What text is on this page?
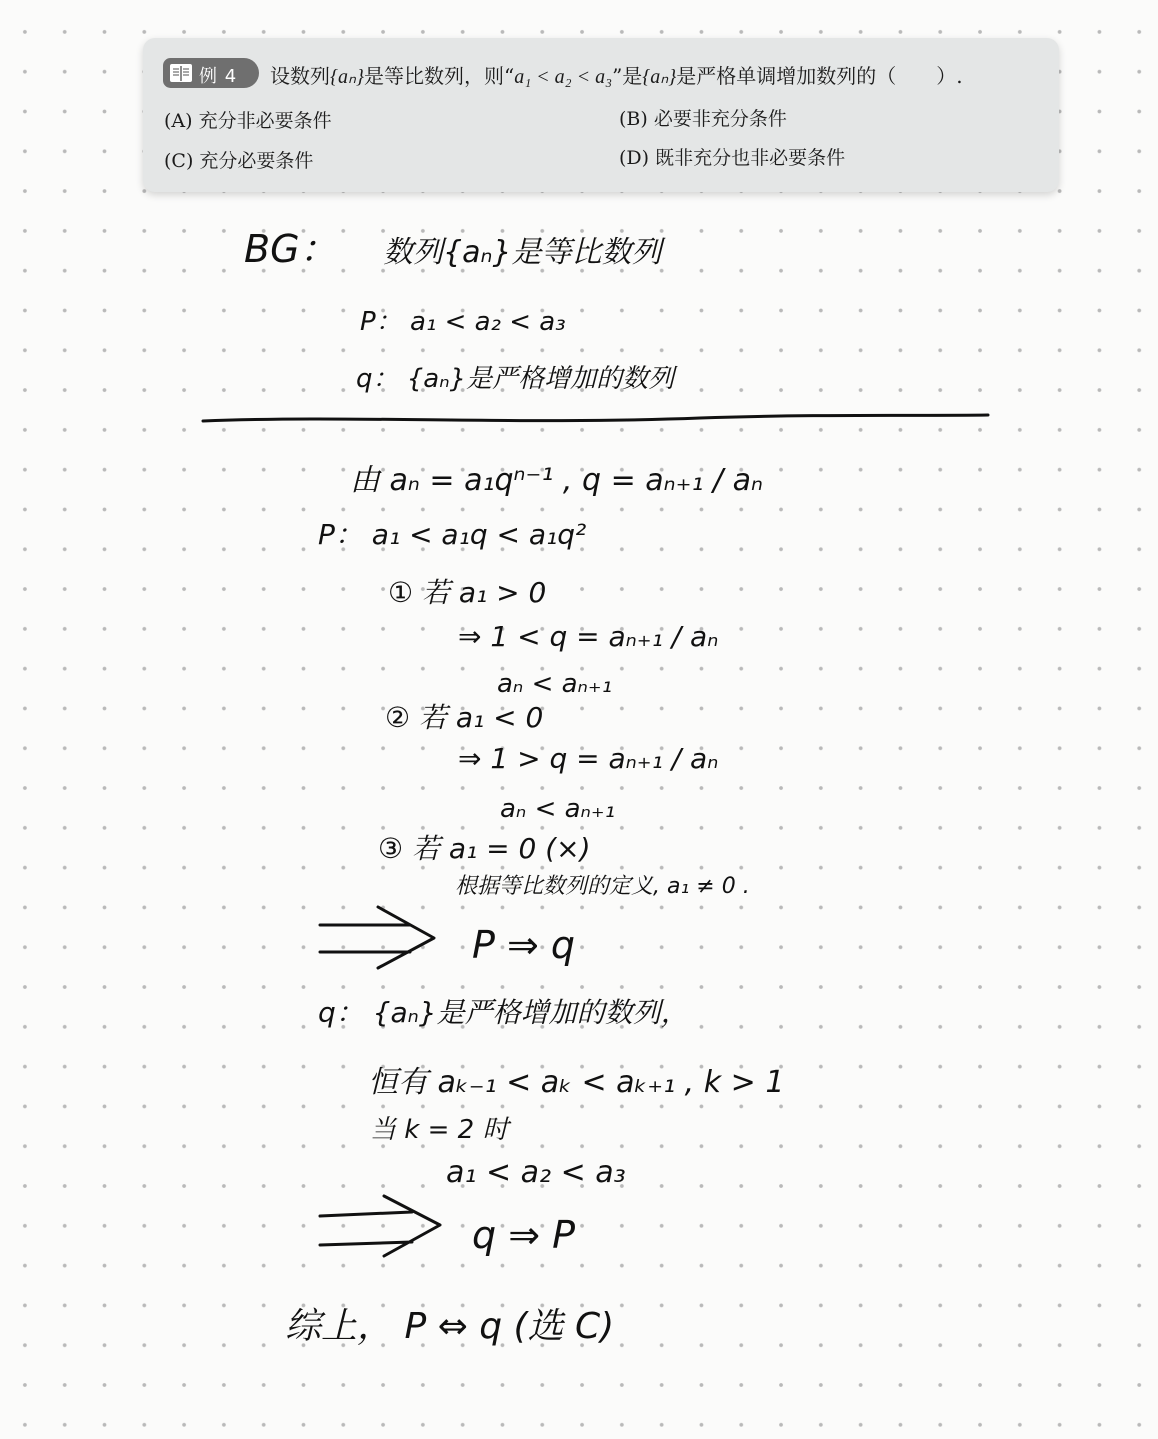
例 4 设数列{aₙ}是等比数列，则“a₁ < a₂ < a₃”是{aₙ}是严格单调增加数列的（　　）.
(A) 充分非必要条件	(B) 必要非充分条件
(C) 充分必要条件	(D) 既非充分也非必要条件
BG： 数列{aₙ}是等比数列
P： a₁ < a₂ < a₃
q： {aₙ}是严格增加的数列
由 aₙ = a₁qⁿ⁻¹ , q = aₙ₊₁ / aₙ
P： a₁ < a₁q < a₁q²
① 若 a₁ > 0
⇒ 1 < q = aₙ₊₁ / aₙ
aₙ < aₙ₊₁
② 若 a₁ < 0
⇒ 1 > q = aₙ₊₁ / aₙ
aₙ < aₙ₊₁
③ 若 a₁ = 0 (×)
根据等比数列的定义, a₁ ≠ 0 .
P ⇒ q
q： {aₙ}是严格增加的数列，
恒有 aₖ₋₁ < aₖ < aₖ₊₁ , k > 1
当 k = 2 时
a₁ < a₂ < a₃
q ⇒ P
综上， P ⇔ q (选 C)
